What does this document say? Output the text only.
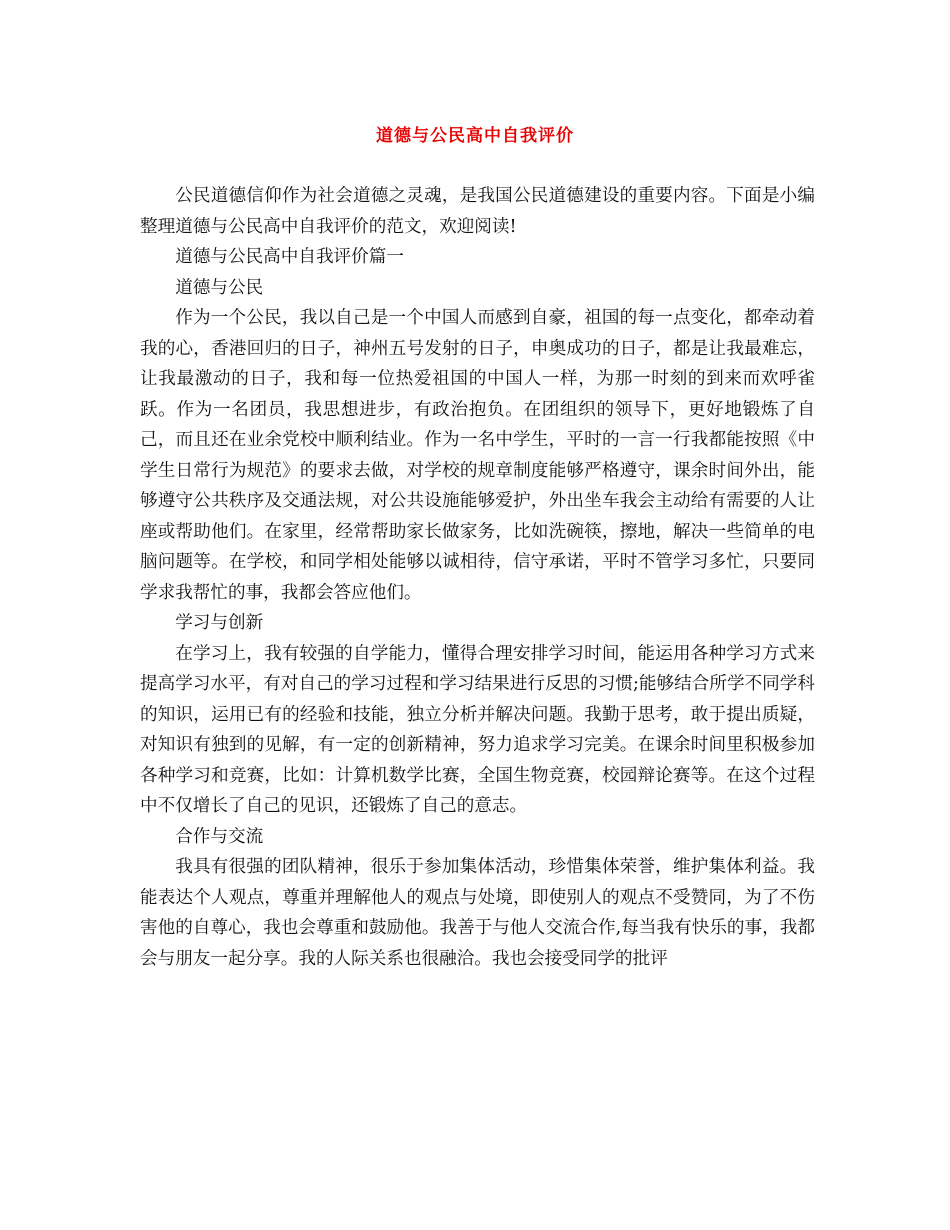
道德与公民高中自我评价

公民道德信仰作为社会道德之灵魂，是我国公民道德建设的重要内容。下面是小编整理道德与公民高中自我评价的范文，欢迎阅读!

道德与公民高中自我评价篇一

道德与公民

作为一个公民，我以自己是一个中国人而感到自豪，祖国的每一点变化，都牵动着我的心，香港回归的日子，神州五号发射的日子，申奥成功的日子，都是让我最难忘，让我最激动的日子，我和每一位热爱祖国的中国人一样，为那一时刻的到来而欢呼雀跃。作为一名团员，我思想进步，有政治抱负。在团组织的领导下，更好地锻炼了自己，而且还在业余党校中顺利结业。作为一名中学生，平时的一言一行我都能按照《中学生日常行为规范》的要求去做，对学校的规章制度能够严格遵守，课余时间外出，能够遵守公共秩序及交通法规，对公共设施能够爱护，外出坐车我会主动给有需要的人让座或帮助他们。在家里，经常帮助家长做家务，比如洗碗筷，擦地，解决一些简单的电脑问题等。在学校，和同学相处能够以诚相待，信守承诺，平时不管学习多忙，只要同学求我帮忙的事，我都会答应他们。

学习与创新

在学习上，我有较强的自学能力，懂得合理安排学习时间，能运用各种学习方式来提高学习水平，有对自己的学习过程和学习结果进行反思的习惯;能够结合所学不同学科的知识，运用已有的经验和技能，独立分析并解决问题。我勤于思考，敢于提出质疑，对知识有独到的见解，有一定的创新精神，努力追求学习完美。在课余时间里积极参加各种学习和竞赛，比如：计算机数学比赛，全国生物竞赛，校园辩论赛等。在这个过程中不仅增长了自己的见识，还锻炼了自己的意志。

合作与交流

我具有很强的团队精神，很乐于参加集体活动，珍惜集体荣誉，维护集体利益。我能表达个人观点，尊重并理解他人的观点与处境，即使别人的观点不受赞同，为了不伤害他的自尊心，我也会尊重和鼓励他。我善于与他人交流合作,每当我有快乐的事，我都会与朋友一起分享。我的人际关系也很融洽。我也会接受同学的批评
